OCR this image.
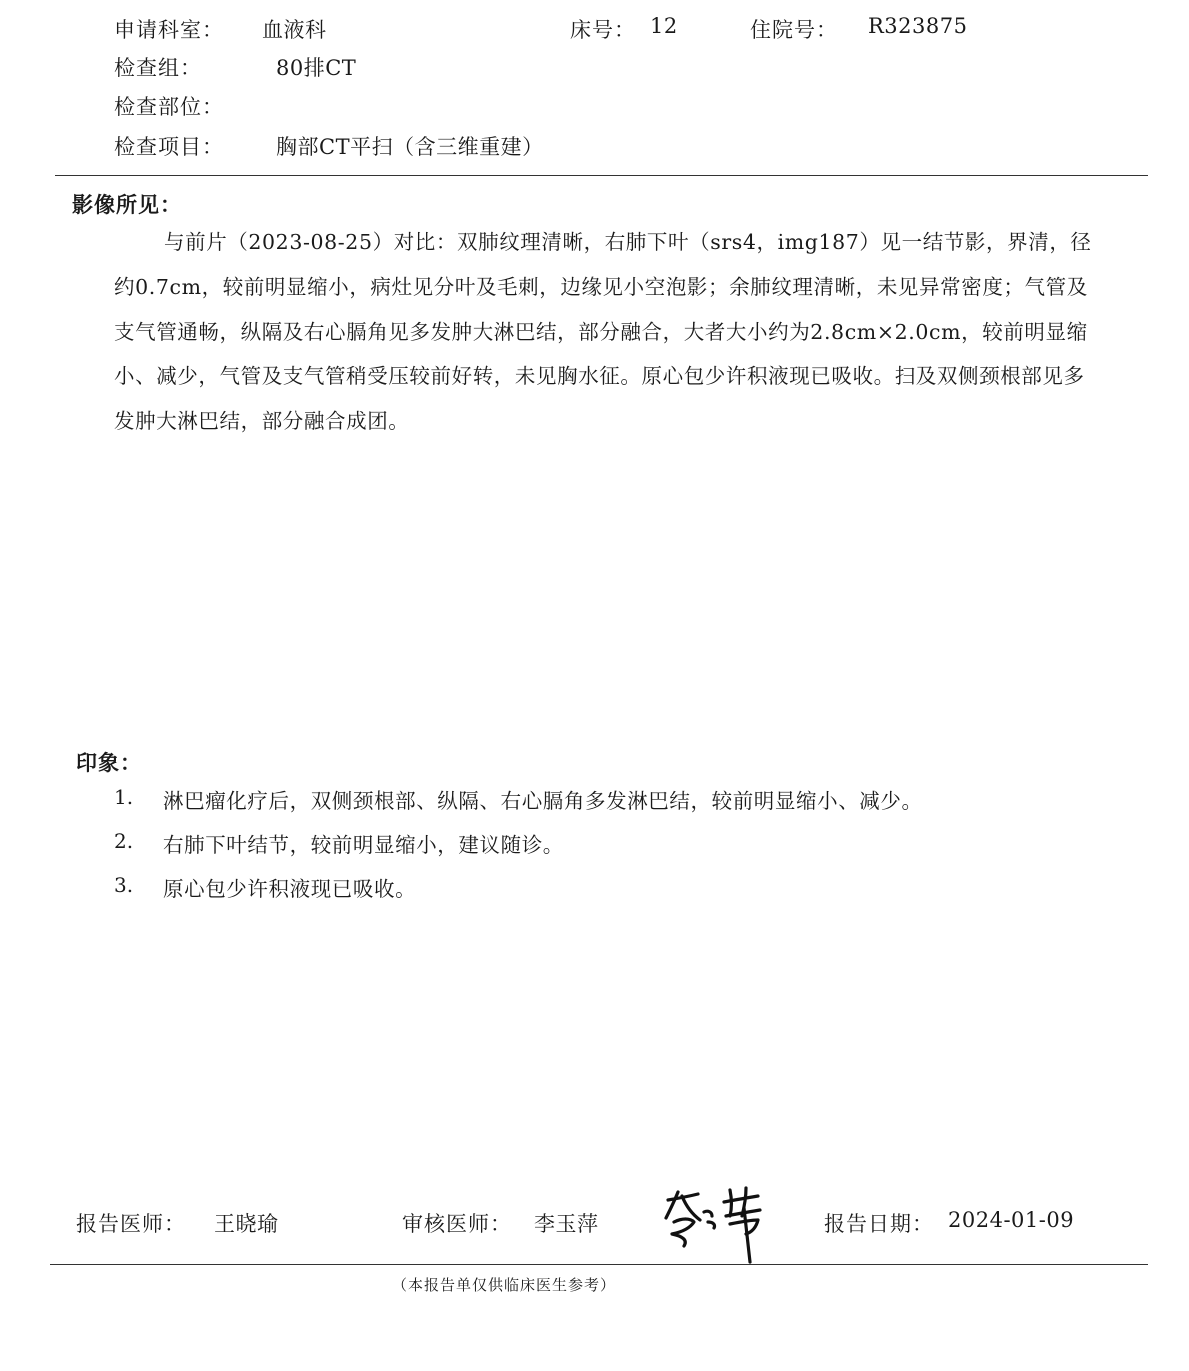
申请科室： 血液科	床号： 12	住院号： R323875
检查组：	80排CT
检查部位：
检查项目： 胸部CT平扫（含三维重建）
影像所见：
与前片（2023-08-25）对比：双肺纹理清晰，右肺下叶（srs4，img187）见一结节影，界清，径约0.7cm，较前明显缩小，病灶见分叶及毛刺，边缘见小空泡影；余肺纹理清晰，未见异常密度；气管及支气管通畅，纵隔及右心膈角见多发肿大淋巴结，部分融合，大者大小约为2.8cm×2.0cm，较前明显缩小、减少，气管及支气管稍受压较前好转，未见胸水征。原心包少许积液现已吸收。扫及双侧颈根部见多发肿大淋巴结，部分融合成团。
印象：
1. 淋巴瘤化疗后，双侧颈根部、纵隔、右心膈角多发淋巴结，较前明显缩小、减少。
2. 右肺下叶结节，较前明显缩小，建议随诊。
3. 原心包少许积液现已吸收。
报告医师： 王晓瑜	审核医师： 李玉萍	报告日期： 2024-01-09
（本报告单仅供临床医生参考）
